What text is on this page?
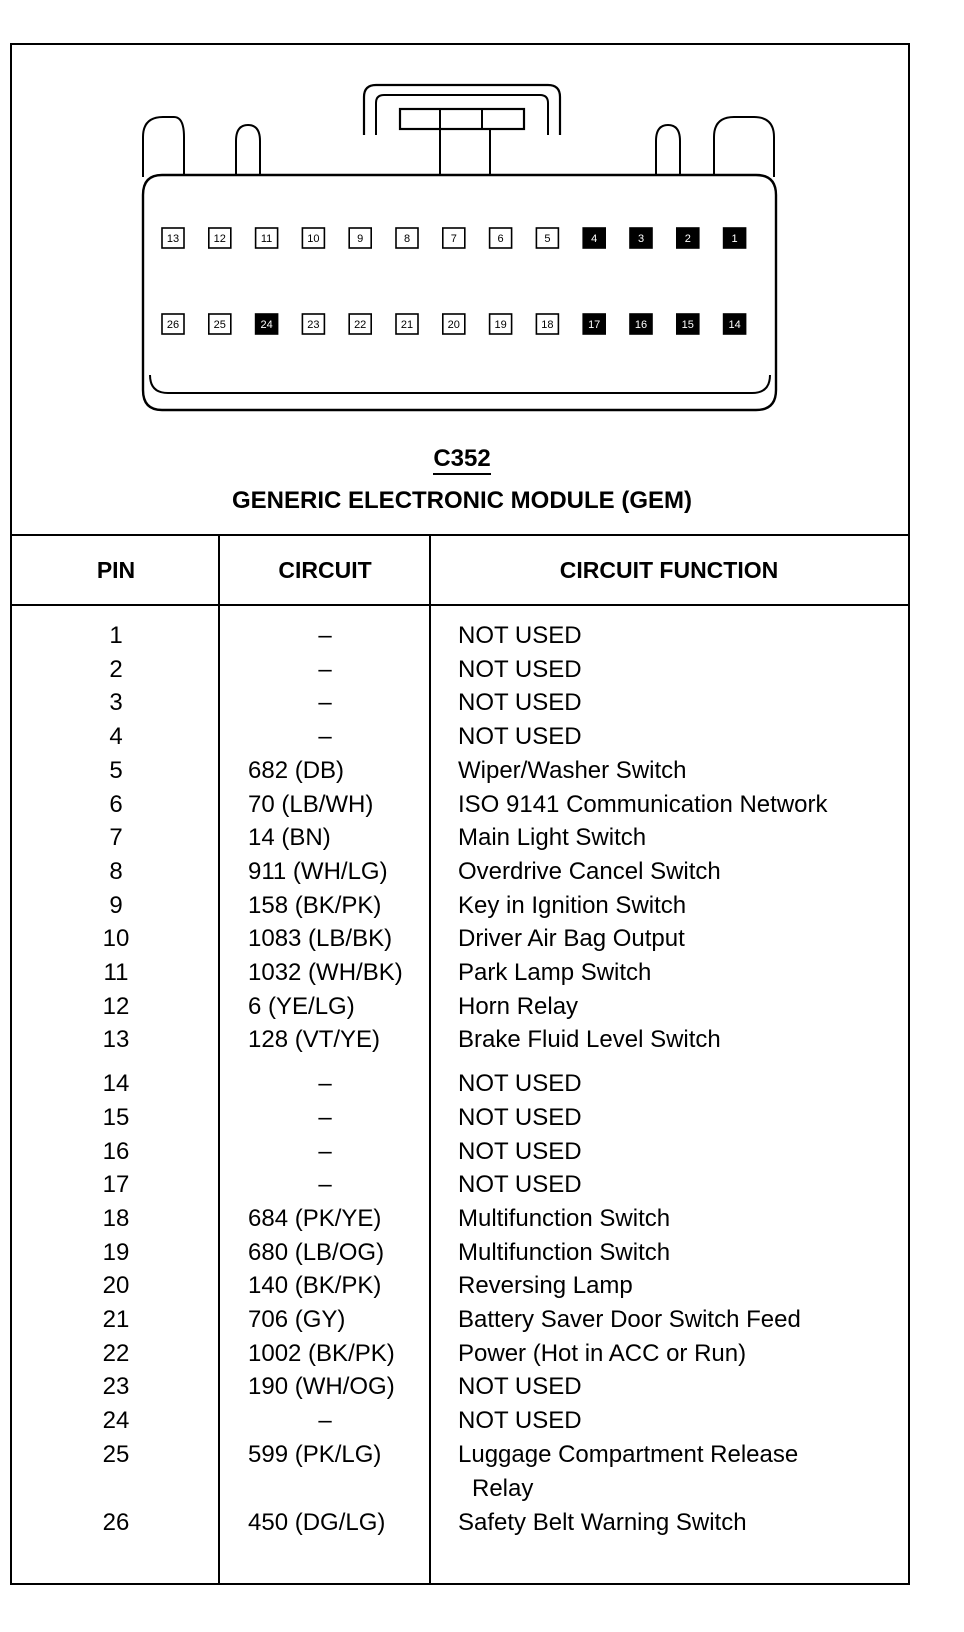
13	12	11	10	9	8	7	6	5	4	3	2	1
26	25	24	23	22	21	20	19	18	17	16	15	14
C352
GENERIC ELECTRONIC MODULE (GEM)
PIN	CIRCUIT	CIRCUIT FUNCTION
1	–	NOT USED
2	–	NOT USED
3	–	NOT USED
4	–	NOT USED
5	682 (DB)	Wiper/Washer Switch
6	70 (LB/WH)	ISO 9141 Communication Network
7	14 (BN)	Main Light Switch
8	911 (WH/LG)	Overdrive Cancel Switch
9	158 (BK/PK)	Key in Ignition Switch
10	1083 (LB/BK)	Driver Air Bag Output
11	1032 (WH/BK)	Park Lamp Switch
12	6 (YE/LG)	Horn Relay
13	128 (VT/YE)	Brake Fluid Level Switch
14	–	NOT USED
15	–	NOT USED
16	–	NOT USED
17	–	NOT USED
18	684 (PK/YE)	Multifunction Switch
19	680 (LB/OG)	Multifunction Switch
20	140 (BK/PK)	Reversing Lamp
21	706 (GY)	Battery Saver Door Switch Feed
22	1002 (BK/PK)	Power (Hot in ACC or Run)
23	190 (WH/OG)	NOT USED
24	–	NOT USED
25	599 (PK/LG)	Luggage Compartment Release
Relay
26	450 (DG/LG)	Safety Belt Warning Switch
